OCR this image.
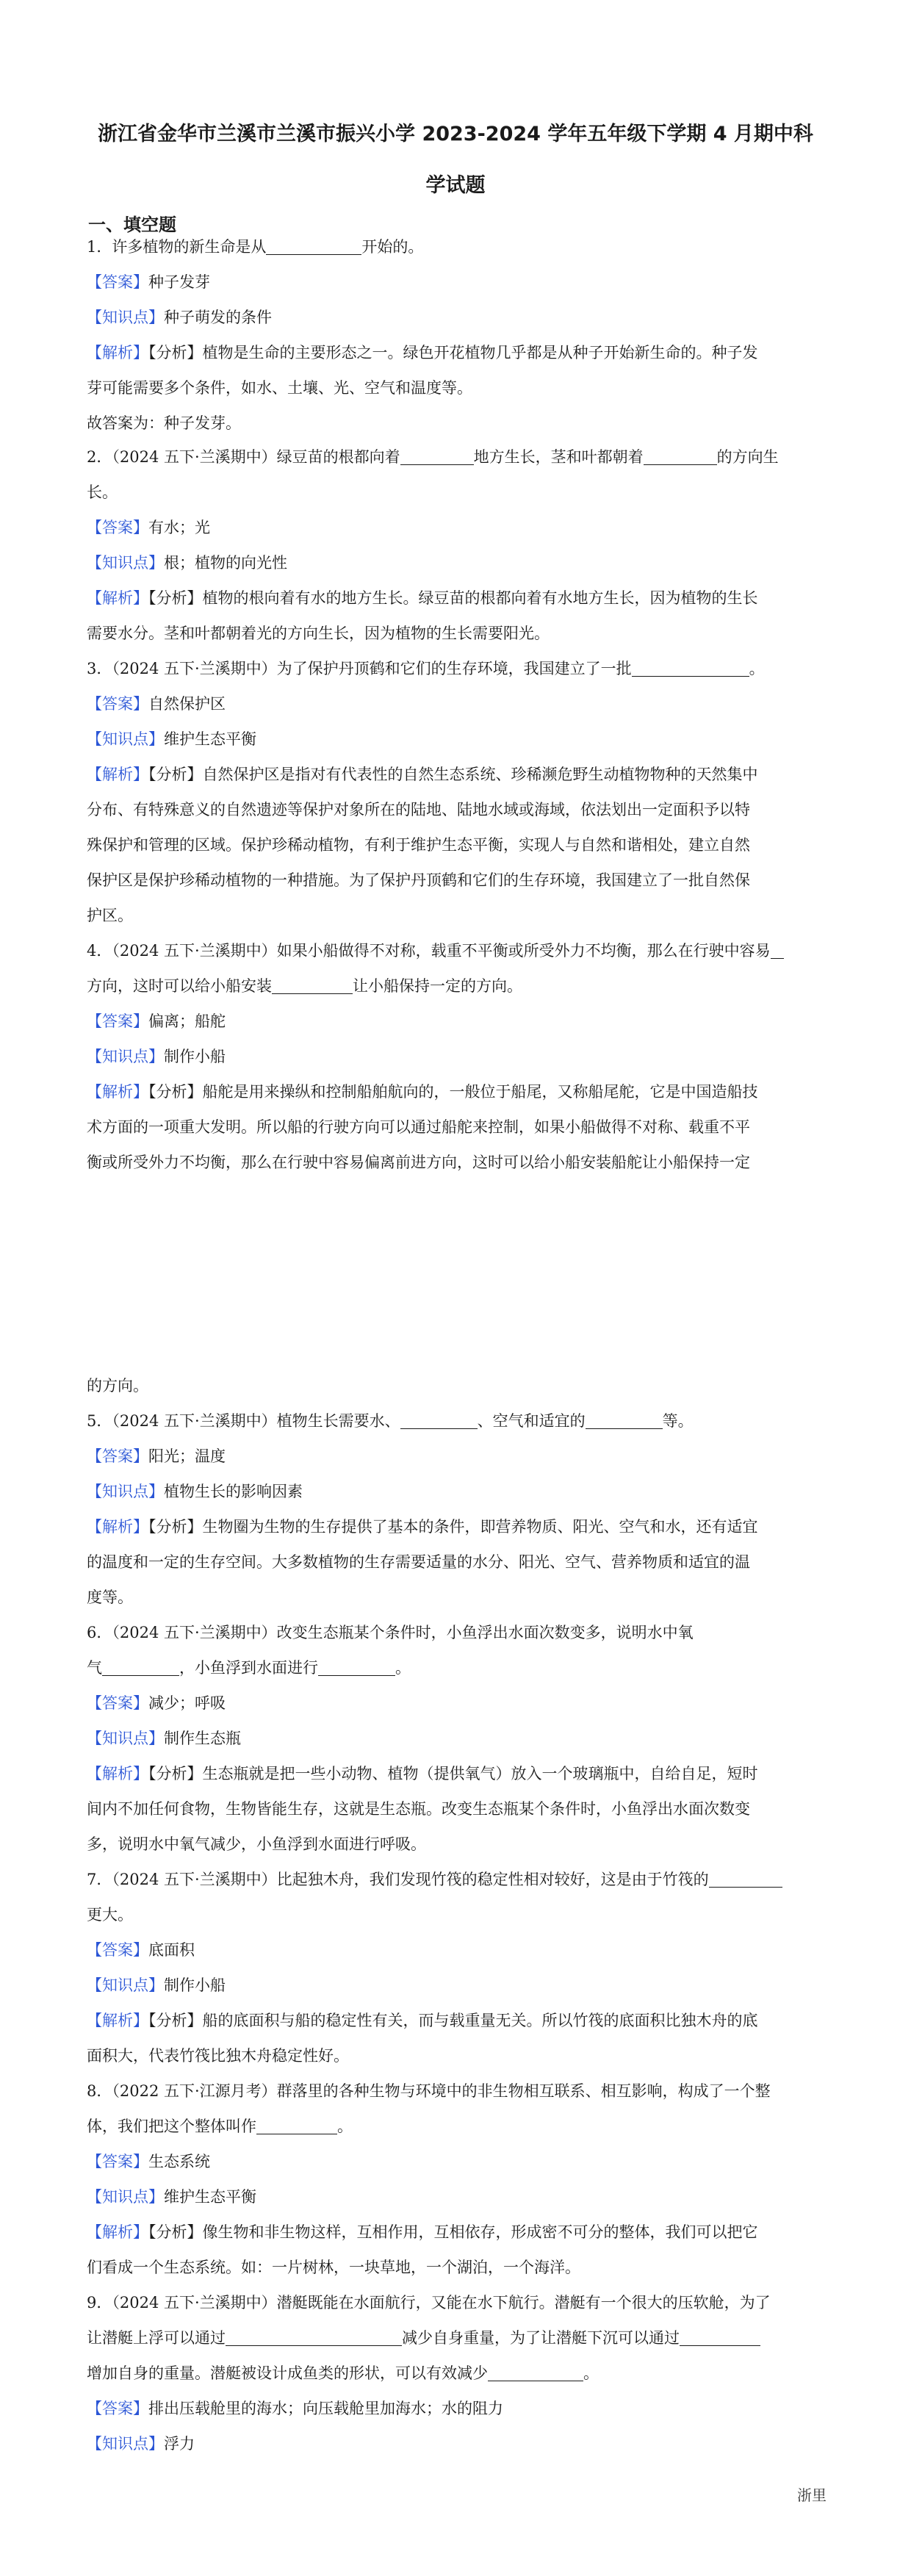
浙江省金华市兰溪市兰溪市振兴小学 2023-2024 学年五年级下学期 4 月期中科
学试题
一、填空题
1．许多植物的新生命是从	开始的。
【答案】种子发芽
【知识点】种子萌发的条件
【解析】【分析】植物是生命的主要形态之一。绿色开花植物几乎都是从种子开始新生命的。种子发
芽可能需要多个条件，如水、土壤、光、空气和温度等。
故答案为：种子发芽。
2．（2024 五下·兰溪期中）绿豆苗的根都向着	地方生长，茎和叶都朝着	的方向生
长。
【答案】有水；光
【知识点】根；植物的向光性
【解析】【分析】植物的根向着有水的地方生长。绿豆苗的根都向着有水地方生长，因为植物的生长
需要水分。茎和叶都朝着光的方向生长，因为植物的生长需要阳光。
3．（2024 五下·兰溪期中）为了保护丹顶鹤和它们的生存环境，我国建立了一批	。
【答案】自然保护区
【知识点】维护生态平衡
【解析】【分析】自然保护区是指对有代表性的自然生态系统、珍稀濒危野生动植物物种的天然集中
分布、有特殊意义的自然遗迹等保护对象所在的陆地、陆地水域或海域，依法划出一定面积予以特
殊保护和管理的区域。保护珍稀动植物，有利于维护生态平衡，实现人与自然和谐相处，建立自然
保护区是保护珍稀动植物的一种措施。为了保护丹顶鹤和它们的生存环境，我国建立了一批自然保
护区。
4．（2024 五下·兰溪期中）如果小船做得不对称，载重不平衡或所受外力不均衡，那么在行驶中容易
方向，这时可以给小船安装	让小船保持一定的方向。
【答案】偏离；船舵
【知识点】制作小船
【解析】【分析】船舵是用来操纵和控制船舶航向的，一般位于船尾，又称船尾舵，它是中国造船技
术方面的一项重大发明。所以船的行驶方向可以通过船舵来控制，如果小船做得不对称、载重不平
衡或所受外力不均衡，那么在行驶中容易偏离前进方向，这时可以给小船安装船舵让小船保持一定
的方向。
5．（2024 五下·兰溪期中）植物生长需要水、	、空气和适宜的	等。
【答案】阳光；温度
【知识点】植物生长的影响因素
【解析】【分析】生物圈为生物的生存提供了基本的条件，即营养物质、阳光、空气和水，还有适宜
的温度和一定的生存空间。大多数植物的生存需要适量的水分、阳光、空气、营养物质和适宜的温
度等。
6．（2024 五下·兰溪期中）改变生态瓶某个条件时，小鱼浮出水面次数变多，说明水中氧
气	，小鱼浮到水面进行	。
【答案】减少；呼吸
【知识点】制作生态瓶
【解析】【分析】生态瓶就是把一些小动物、植物（提供氧气）放入一个玻璃瓶中，自给自足，短时
间内不加任何食物，生物皆能生存，这就是生态瓶。改变生态瓶某个条件时，小鱼浮出水面次数变
多，说明水中氧气减少，小鱼浮到水面进行呼吸。
7．（2024 五下·兰溪期中）比起独木舟，我们发现竹筏的稳定性相对较好，这是由于竹筏的
更大。
【答案】底面积
【知识点】制作小船
【解析】【分析】船的底面积与船的稳定性有关，而与载重量无关。所以竹筏的底面积比独木舟的底
面积大，代表竹筏比独木舟稳定性好。
8．（2022 五下·江源月考）群落里的各种生物与环境中的非生物相互联系、相互影响，构成了一个整
体，我们把这个整体叫作	。
【答案】生态系统
【知识点】维护生态平衡
【解析】【分析】像生物和非生物这样，互相作用，互相依存，形成密不可分的整体，我们可以把它
们看成一个生态系统。如：一片树林，一块草地，一个湖泊，一个海洋。
9．（2024 五下·兰溪期中）潜艇既能在水面航行，又能在水下航行。潜艇有一个很大的压软舱，为了
让潜艇上浮可以通过	减少自身重量，为了让潜艇下沉可以通过
增加自身的重量。潜艇被设计成鱼类的形状，可以有效减少	。
【答案】排出压载舱里的海水；向压载舱里加海水；水的阻力
【知识点】浮力
浙里
